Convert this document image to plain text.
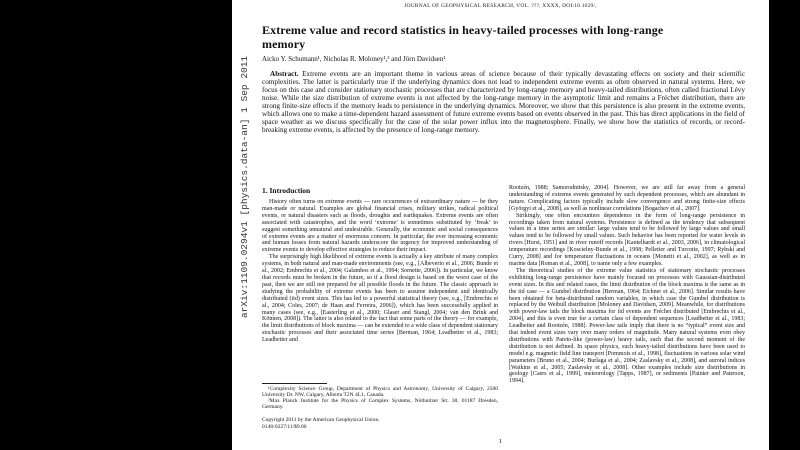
JOURNAL OF GEOPHYSICAL RESEARCH, VOL. ???, XXXX, DOI:10.1029/,
arXiv:1109.0294v1 [physics.data-an] 1 Sep 2011
Extreme value and record statistics in heavy-tailed processes with long-range memory
Aicko Y. Schumann¹, Nicholas R. Moloney¹,² and Jörn Davidsen¹

Abstract. Extreme events are an important theme in various areas of science because of their typically devastating effects on society and their scientific complexities. The latter is particularly true if the underlying dynamics does not lead to independent extreme events as often observed in natural systems. Here, we focus on this case and consider stationary stochastic processes that are characterized by long-range memory and heavy-tailed distributions, often called fractional Lévy noise. While the size distribution of extreme events is not affected by the long-range memory in the asymptotic limit and remains a Fréchet distribution, there are strong finite-size effects if the memory leads to persistence in the underlying dynamics. Moreover, we show that this persistence is also present in the extreme events, which allows one to make a time-dependent hazard assessment of future extreme events based on events observed in the past. This has direct applications in the field of space weather as we discuss specifically for the case of the solar power influx into the magnetosphere. Finally, we show how the statistics of records, or record-breaking extreme events, is affected by the presence of long-range memory.

1. Introduction

History often turns on extreme events — rare occurrences of extraordinary nature — be they man-made or natural. Examples are global financial crises, military strikes, radical political events, or natural disasters such as floods, droughts and earthquakes. Extreme events are often associated with catastrophes, and the word ‘extreme’ is sometimes substituted by ‘freak’ to suggest something unnatural and undesirable. Generally, the economic and social consequences of extreme events are a matter of enormous concern. In particular, the ever increasing economic and human losses from natural hazards underscore the urgency for improved understanding of extreme events to develop effective strategies to reduce their impact.

The surprisingly high likelihood of extreme events is actually a key attribute of many complex systems, in both natural and man-made environments (see, e.g., [Albeverio et al., 2006; Bunde et al., 2002; Embrechts et al., 2004; Galambos et al., 1994; Sornette, 2006]). In particular, we know that records must be broken in the future, so if a flood design is based on the worst case of the past, then we are still not prepared for all possible floods in the future. The classic approach to studying the probability of extreme events has been to assume independent and identically distributed (iid) event sizes. This has led to a powerful statistical theory (see, e.g., [Embrechts et al., 2004; Coles, 2007; de Haan and Ferreira, 2006]), which has been successfully applied in many cases (see, e.g., [Easterling et al., 2000; Glaser and Stangl, 2004; van den Brink and Können, 2008]). The latter is also related to the fact that some parts of the theory — for example, the limit distributions of block maxima — can be extended to a wide class of dependent stationary stochastic processes and their associated time series [Berman, 1964; Leadbetter et al., 1983; Leadbetter and

¹Complexity Science Group, Department of Physics and Astronomy, University of Calgary, 2500 University Dr. NW, Calgary, Alberta T2N 4L1, Canada.

²Max Planck Institute for the Physics of Complex Systems, Nöthnitzer Str. 38, 01187 Dresden, Germany.

Copyright 2011 by the American Geophysical Union.
0148-0227/11/$9.00

Rootzén, 1988; Samorodnitsky, 2004]. However, we are still far away from a general understanding of extreme events generated by such dependent processes, which are abundant in nature. Complicating factors typically include slow convergence and strong finite-size effects [Györgyi et al., 2008], as well as nonlinear correlations [Bogachev et al., 2007].

Strikingly, one often encounters dependence in the form of long-range persistence in recordings taken from natural systems. Persistence is defined as the tendency that subsequent values in a time series are similar: large values tend to be followed by large values and small values tend to be followed by small values. Such behavior has been reported for water levels in rivers [Hurst, 1951] and in river runoff records [Kantelhardt et al., 2003, 2006], in climatological temperature recordings [Koscielny-Bunde et al., 1998; Pelletier and Turcotte, 1997; Rybski and Curry, 2008] and for temperature fluctuations in oceans [Monetti et al., 2002], as well as in marine data [Roman et al., 2008], to name only a few examples.

The theoretical studies of the extreme value statistics of stationary stochastic processes exhibiting long-range persistence have mainly focused on processes with Gaussian-distributed event sizes. In this and related cases, the limit distribution of the block maxima is the same as in the iid case — a Gumbel distribution [Berman, 1964; Eichner et al., 2006]. Similar results have been obtained for beta-distributed random variables, in which case the Gumbel distribution is replaced by the Weibull distribution [Moloney and Davidsen, 2009]. Meanwhile, for distributions with power-law tails the block maxima for iid events are Fréchet distributed [Embrechts et al., 2004], and this is even true for a certain class of dependent sequences [Leadbetter et al., 1983; Leadbetter and Rootzén, 1988]. Power-law tails imply that there is no “typical” event size and that indeed event sizes vary over many orders of magnitude. Many natural systems even obey distributions with Pareto-like (power-law) heavy tails, such that the second moment of the distribution is not defined. In space physics, such heavy-tailed distributions have been used to model e.g. magnetic field line transport [Pommois et al., 1998], fluctuations in various solar wind parameters [Bruno et al., 2004; Burlaga et al., 2004; Zaslavsky et al., 2008], and auroral indices [Watkins et al., 2005; Zaslavsky et al., 2008]. Other examples include size distributions in geology [Caers et al., 1999], meteorology [Tapps, 1987], or sediments [Painter and Paterson, 1994].

1
